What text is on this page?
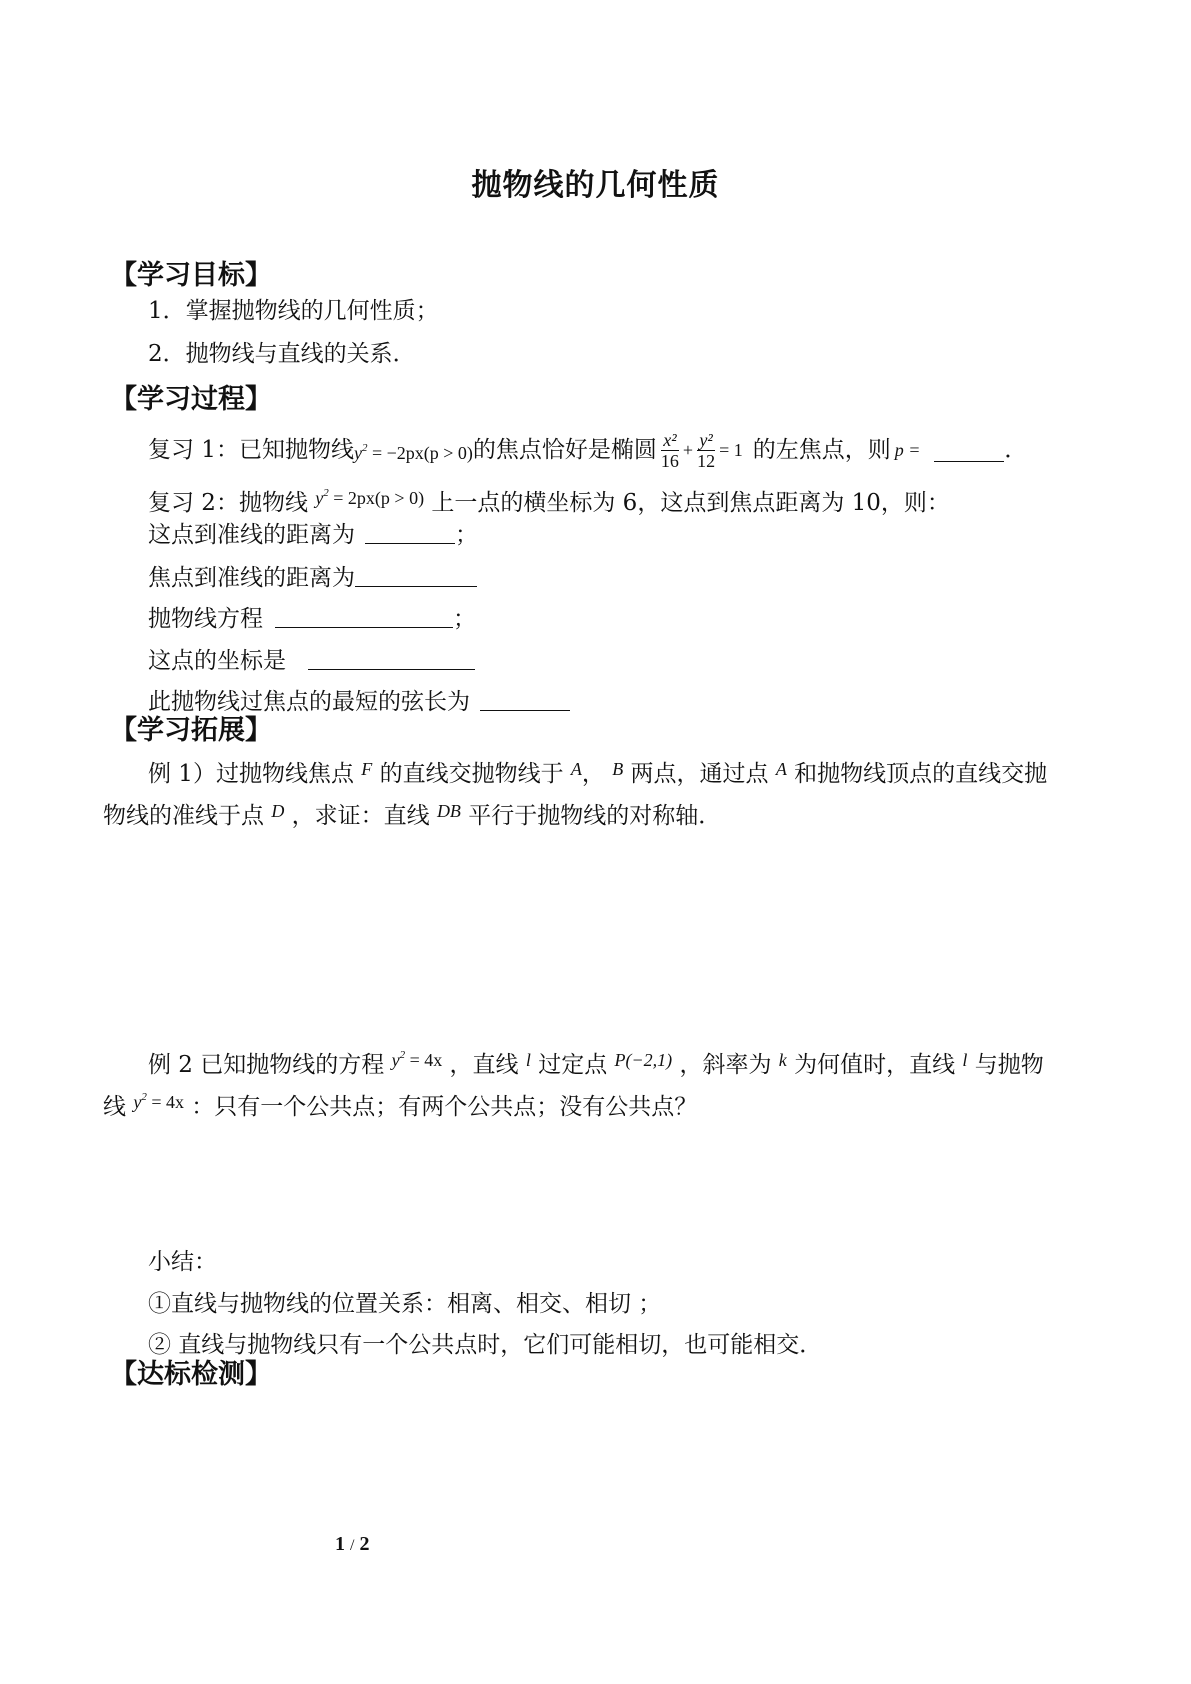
抛物线的几何性质
【学习目标】
1．掌握抛物线的几何性质；
2．抛物线与直线的关系．
【学习过程】
复习 1：已知抛物线 $y^2 = -2px(p > 0)$ 的焦点恰好是椭圆 $\frac{\text{x²}}{16} + \frac{\text{y²}}{12} = 1$ 的左焦点，则 p =	．
复习 2：抛物线 $^{y^2 = 2px(p > 0)}$ 上一点的横坐标为 6，这点到焦点距离为 10，则：
这点到准线的距离为	；
焦点到准线的距离为
抛物线方程	；
这点的坐标是
此抛物线过焦点的最短的弦长为
【学习拓展】
例 1）过抛物线焦点 $^F$ 的直线交抛物线于 $^A$， $^B$ 两点，通过点 $^A$ 和抛物线顶点的直线交抛
物线的准线于点 $^D$ ，求证：直线 $^{DB}$ 平行于抛物线的对称轴．
例 2 已知抛物线的方程 $^{y^2 = 4x}$ ，直线 $^l$ 过定点 $^{P(-2,1)}$ ，斜率为 $^k$ 为何值时，直线 $^l$ 与抛物
线 $^{y^2 = 4x}$ ：只有一个公共点；有两个公共点；没有公共点？
小结：
①直线与抛物线的位置关系：相离、相交、相切 ；
② 直线与抛物线只有一个公共点时，它们可能相切，也可能相交．
【达标检测】
1 / 2
